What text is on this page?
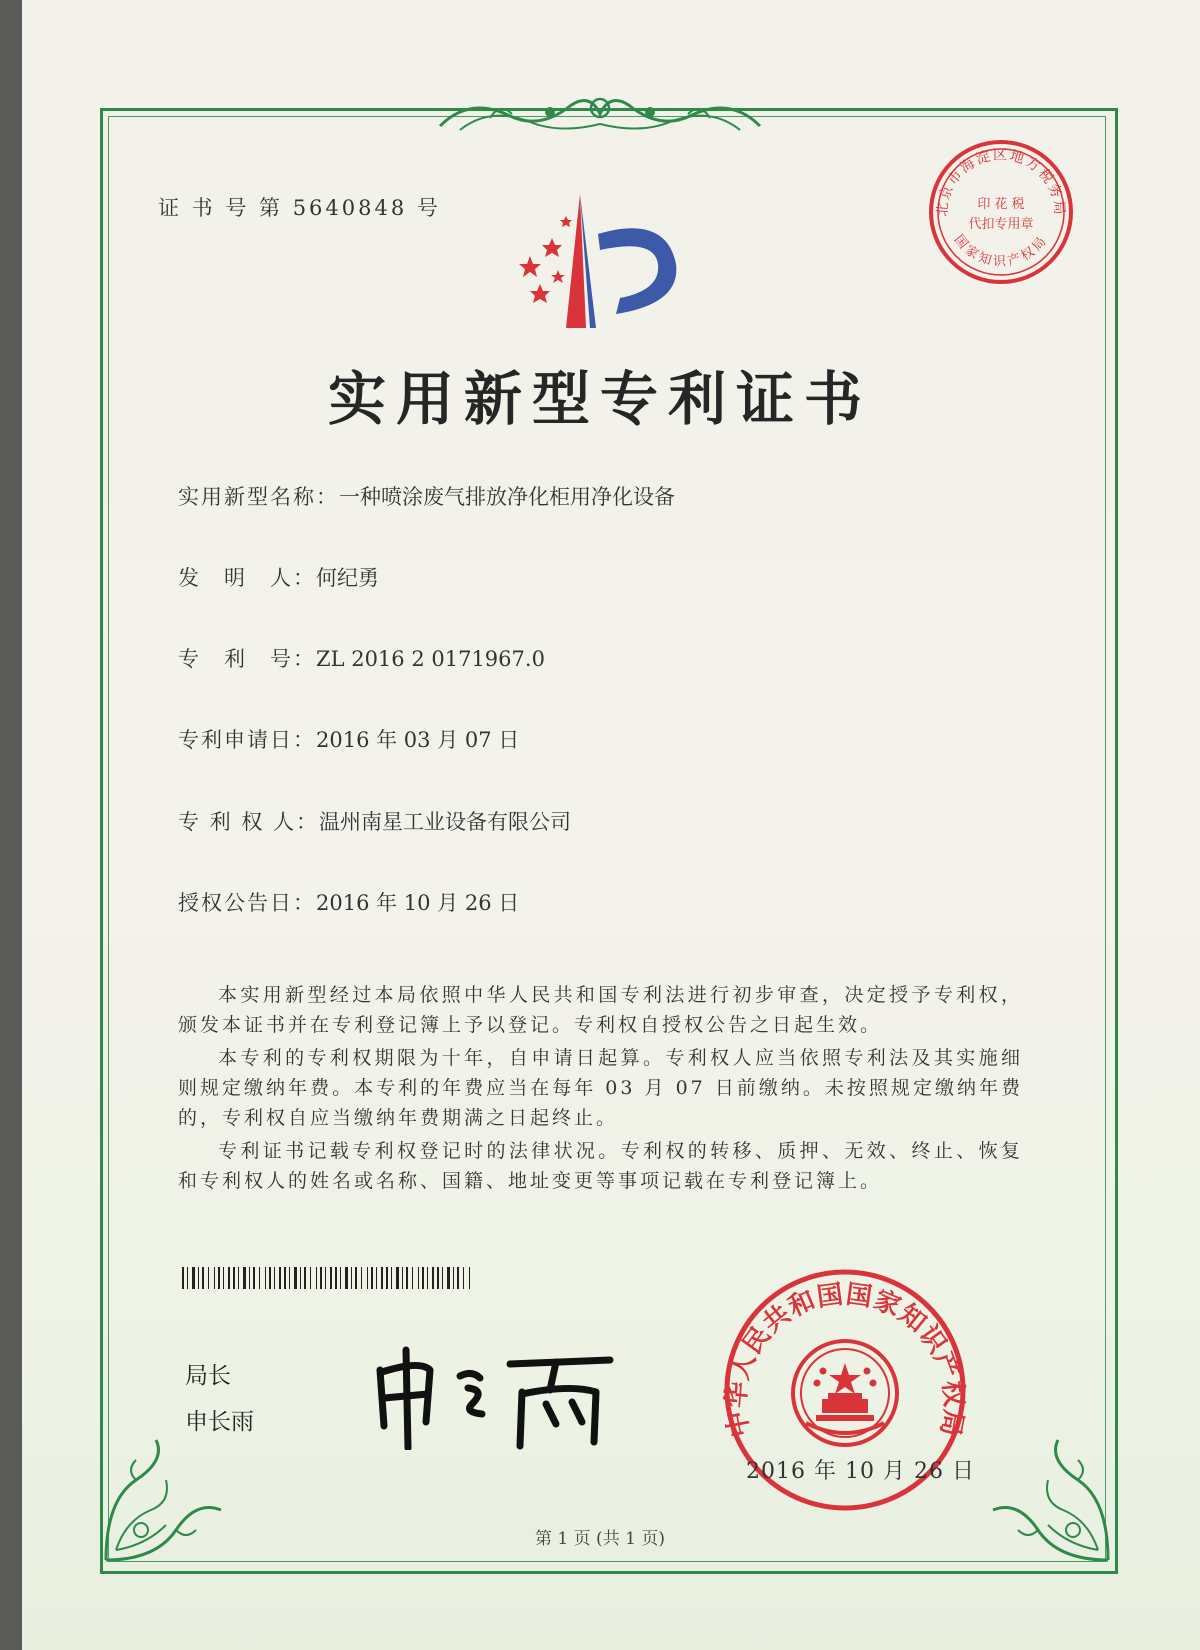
证 书 号 第 5640848 号	北京市海淀区地方税务局
国家知识产权局
印 花 税
代扣专用章
实用新型专利证书
实用新型名称：一种喷涂废气排放净化柜用净化设备
发　明　人：何纪勇
专　利　号：ZL 2016 2 0171967.0
专利申请日：2016 年 03 月 07 日
专 利 权 人：温州南星工业设备有限公司
授权公告日：2016 年 10 月 26 日

本实用新型经过本局依照中华人民共和国专利法进行初步审查，决定授予专利权，颁发本证书并在专利登记簿上予以登记。专利权自授权公告之日起生效。

本专利的专利权期限为十年，自申请日起算。专利权人应当依照专利法及其实施细则规定缴纳年费。本专利的年费应当在每年 03 月 07 日前缴纳。未按照规定缴纳年费的，专利权自应当缴纳年费期满之日起终止。

专利证书记载专利权登记时的法律状况。专利权的转移、质押、无效、终止、恢复和专利权人的姓名或名称、国籍、地址变更等事项记载在专利登记簿上。

局长
申长雨	中华人民共和国国家知识产权局
2016 年 10 月 26 日
第 1 页 (共 1 页)
